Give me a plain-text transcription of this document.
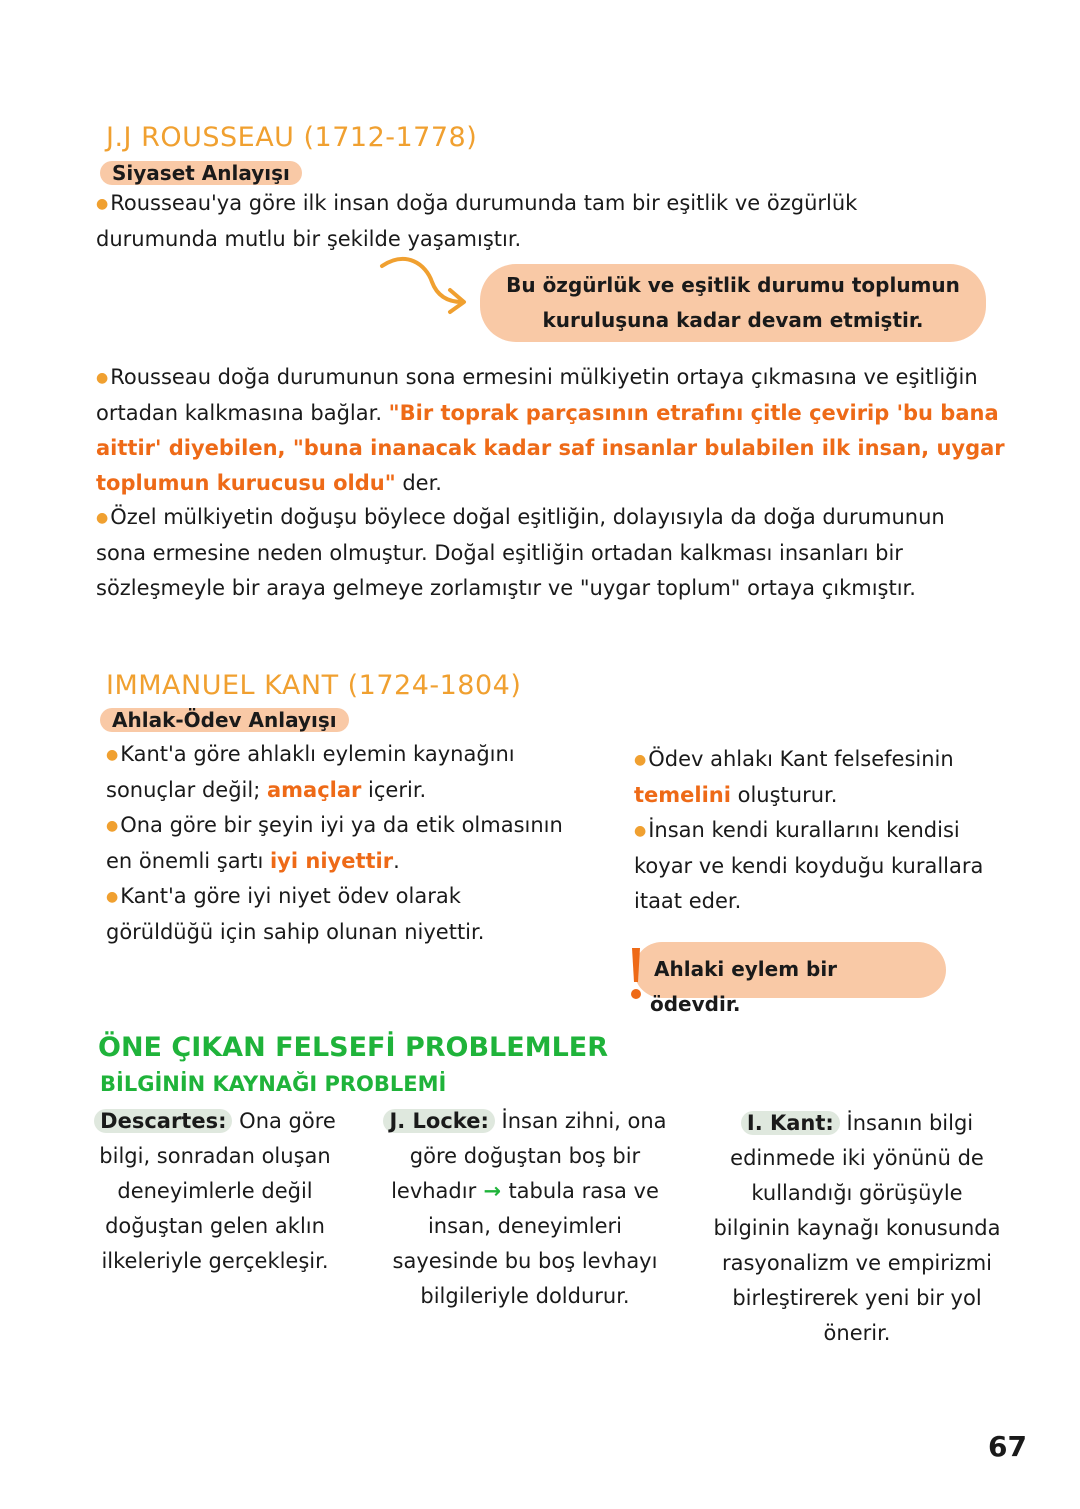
J.J ROUSSEAU (1712-1778)
Siyaset Anlayışı
●Rousseau'ya göre ilk insan doğa durumunda tam bir eşitlik ve özgürlük durumunda mutlu bir şekilde yaşamıştır.
Bu özgürlük ve eşitlik durumu toplumun kuruluşuna kadar devam etmiştir.
●Rousseau doğa durumunun sona ermesini mülkiyetin ortaya çıkmasına ve eşitliğin ortadan kalkmasına bağlar. "Bir toprak parçasının etrafını çitle çevirip 'bu bana aittir' diyebilen, "buna inanacak kadar saf insanlar bulabilen ilk insan, uygar toplumun kurucusu oldu" der.
●Özel mülkiyetin doğuşu böylece doğal eşitliğin, dolayısıyla da doğa durumunun sona ermesine neden olmuştur. Doğal eşitliğin ortadan kalkması insanları bir sözleşmeyle bir araya gelmeye zorlamıştır ve "uygar toplum" ortaya çıkmıştır.
IMMANUEL KANT (1724-1804)
Ahlak-Ödev Anlayışı
●Kant'a göre ahlaklı eylemin kaynağını sonuçlar değil; amaçlar içerir.
●Ona göre bir şeyin iyi ya da etik olmasının en önemli şartı iyi niyettir.
●Kant'a göre iyi niyet ödev olarak görüldüğü için sahip olunan niyettir.
●Ödev ahlakı Kant felsefesinin temelini oluşturur.
●İnsan kendi kurallarını kendisi koyar ve kendi koyduğu kurallara itaat eder.
Ahlaki eylem bir ödevdir.
ÖNE ÇIKAN FELSEFİ PROBLEMLER
BİLGİNİN KAYNAĞI PROBLEMİ
Descartes: Ona göre bilgi, sonradan oluşan deneyimlerle değil doğuştan gelen aklın ilkeleriyle gerçekleşir.
J. Locke: İnsan zihni, ona göre doğuştan boş bir levhadır → tabula rasa ve insan, deneyimleri sayesinde bu boş levhayı bilgileriyle doldurur.
I. Kant: İnsanın bilgi edinmede iki yönünü de kullandığı görüşüyle bilginin kaynağı konusunda rasyonalizm ve empirizmi birleştirerek yeni bir yol önerir.
67
